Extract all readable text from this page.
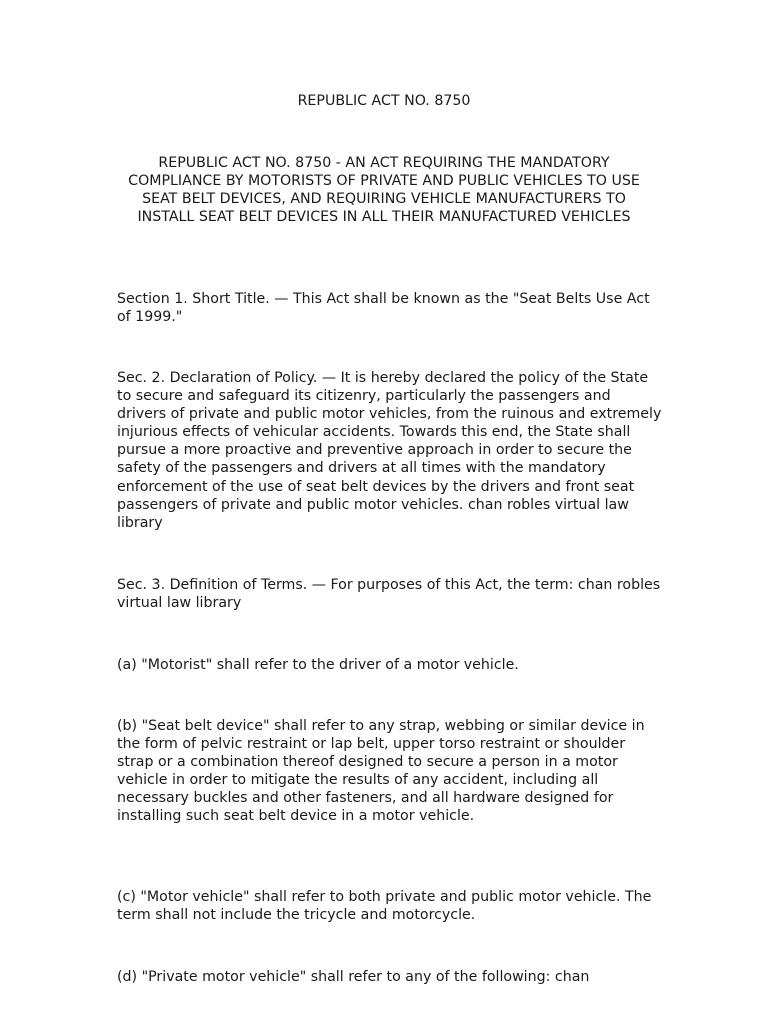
REPUBLIC ACT NO. 8750
REPUBLIC ACT NO. 8750 - AN ACT REQUIRING THE MANDATORY COMPLIANCE BY MOTORISTS OF PRIVATE AND PUBLIC VEHICLES TO USE SEAT BELT DEVICES, AND REQUIRING VEHICLE MANUFACTURERS TO INSTALL SEAT BELT DEVICES IN ALL THEIR MANUFACTURED VEHICLES

Section 1. Short Title. — This Act shall be known as the "Seat Belts Use Act of 1999."

Sec. 2. Declaration of Policy. — It is hereby declared the policy of the State to secure and safeguard its citizenry, particularly the passengers and drivers of private and public motor vehicles, from the ruinous and extremely injurious effects of vehicular accidents. Towards this end, the State shall pursue a more proactive and preventive approach in order to secure the safety of the passengers and drivers at all times with the mandatory enforcement of the use of seat belt devices by the drivers and front seat passengers of private and public motor vehicles. chan robles virtual law library

Sec. 3. Definition of Terms. — For purposes of this Act, the term: chan robles virtual law library

(a) "Motorist" shall refer to the driver of a motor vehicle.

(b) "Seat belt device" shall refer to any strap, webbing or similar device in the form of pelvic restraint or lap belt, upper torso restraint or shoulder strap or a combination thereof designed to secure a person in a motor vehicle in order to mitigate the results of any accident, including all necessary buckles and other fasteners, and all hardware designed for installing such seat belt device in a motor vehicle.

(c) "Motor vehicle" shall refer to both private and public motor vehicle. The term shall not include the tricycle and motorcycle.

(d) "Private motor vehicle" shall refer to any of the following: chan
